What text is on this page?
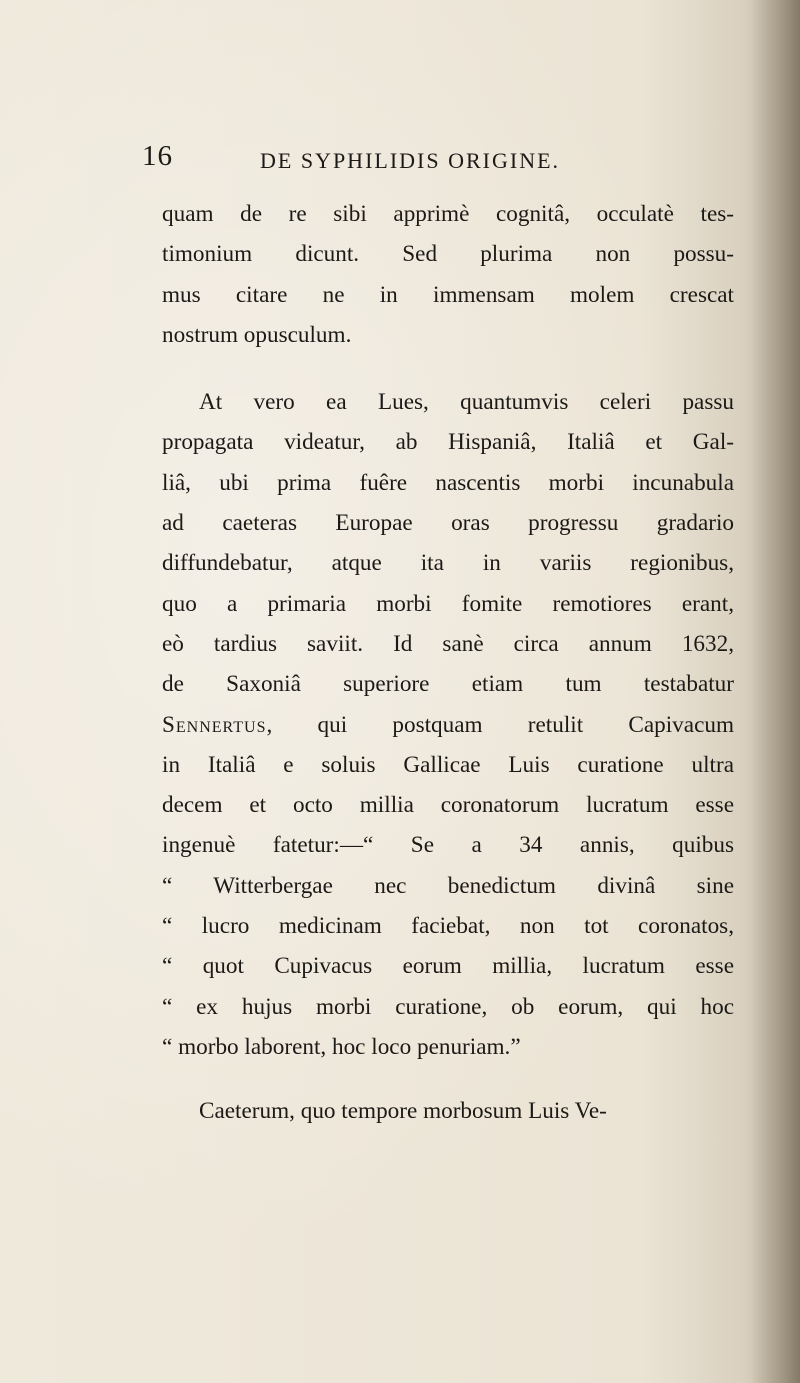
16	DE SYPHILIDIS ORIGINE.

quam de re sibi apprimè cognitâ, occulatè tes-
timonium dicunt. Sed plurima non possu-
mus citare ne in immensam molem crescat
nostrum opusculum.

At vero ea Lues, quantumvis celeri passu
propagata videatur, ab Hispaniâ, Italiâ et Gal-
liâ, ubi prima fuêre nascentis morbi incunabula
ad caeteras Europae oras progressu gradario
diffundebatur, atque ita in variis regionibus,
quo a primaria morbi fomite remotiores erant,
eò tardius saviit. Id sanè circa annum 1632,
de Saxoniâ superiore etiam tum testabatur
Sennertus, qui postquam retulit Capivacum
in Italiâ e soluis Gallicae Luis curatione ultra
decem et octo millia coronatorum lucratum esse
ingenuè fatetur:—“ Se a 34 annis, quibus
“ Witterbergae nec benedictum divinâ sine
“ lucro medicinam faciebat, non tot coronatos,
“ quot Cupivacus eorum millia, lucratum esse
“ ex hujus morbi curatione, ob eorum, qui hoc
“ morbo laborent, hoc loco penuriam.”

Caeterum, quo tempore morbosum Luis Ve-
